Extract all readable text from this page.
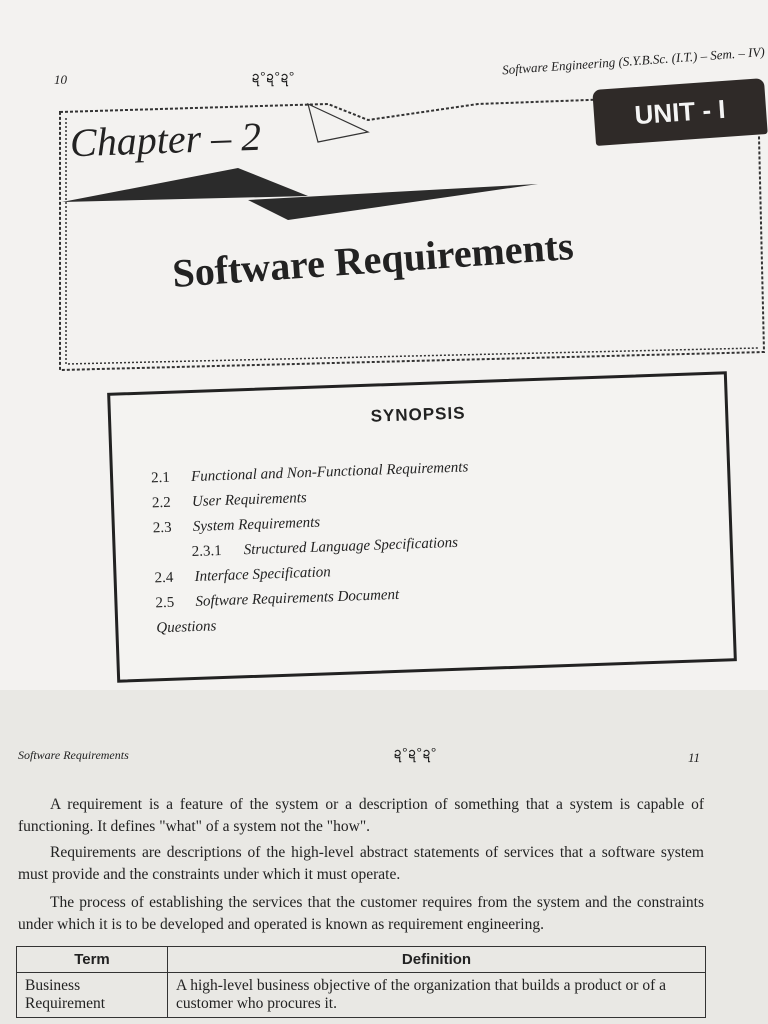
Software Engineering (S.Y.B.Sc. (I.T.) – Sem. – IV)
10	ဍ°ဍ°ဍ°
Chapter – 2
UNIT - I
Software Requirements
SYNOPSIS
2.1 Functional and Non-Functional Requirements
2.2 User Requirements
2.3 System Requirements
2.3.1 Structured Language Specifications
2.4 Interface Specification
2.5 Software Requirements Document
Questions
Software Requirements	ဍ°ဍ°ဍ°	11

A requirement is a feature of the system or a description of something that a system is capable of functioning. It defines "what" of a system not the "how".

Requirements are descriptions of the high-level abstract statements of services that a software system must provide and the constraints under which it must operate.

The process of establishing the services that the customer requires from the system and the constraints under which it is to be developed and operated is known as requirement engineering.

Term	Definition
Business Requirement	A high-level business objective of the organization that builds a product or of a customer who procures it.
